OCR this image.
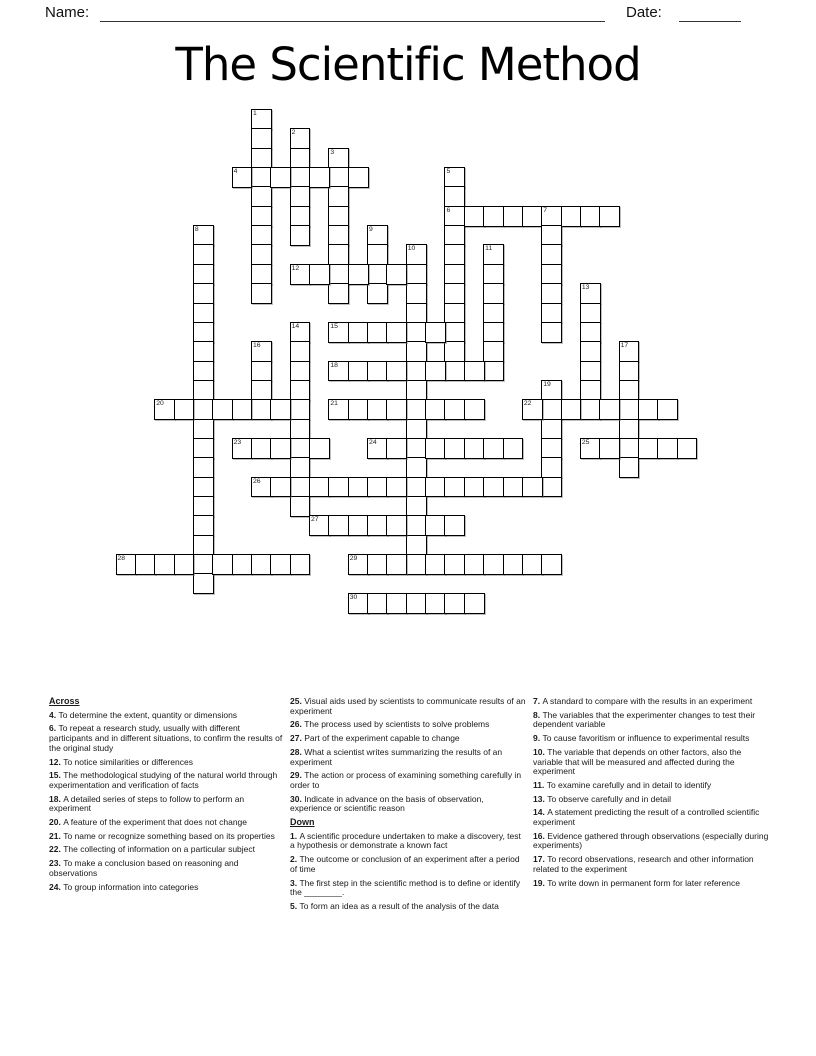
Name:	Date:
The Scientific Method
1
2
3
4	5
6	7
8	9
10	11
12
13
14	15
16	17
18
19
20	21	22
23	24	25
26
27
28	29
30
Across
4. To determine the extent, quantity or dimensions
6. To repeat a research study, usually with different participants and in different situations, to confirm the results of the original study
12. To notice similarities or differences
15. The methodological studying of the natural world through experimentation and verification of facts
18. A detailed series of steps to follow to perform an experiment
20. A feature of the experiment that does not change
21. To name or recognize something based on its properties
22. The collecting of information on a particular subject
23. To make a conclusion based on reasoning and observations
24. To group information into categories
25. Visual aids used by scientists to communicate results of an experiment
26. The process used by scientists to solve problems
27. Part of the experiment capable to change
28. What a scientist writes summarizing the results of an experiment
29. The action or process of examining something carefully in order to
30. Indicate in advance on the basis of observation, experience or scientific reason
Down
1. A scientific procedure undertaken to make a discovery, test a hypothesis or demonstrate a known fact
2. The outcome or conclusion of an experiment after a period of time
3. The first step in the scientific method is to define or identify the ________.
5. To form an idea as a result of the analysis of the data
7. A standard to compare with the results in an experiment
8. The variables that the experimenter changes to test their dependent variable
9. To cause favoritism or influence to experimental results
10. The variable that depends on other factors, also the variable that will be measured and affected during the experiment
11. To examine carefully and in detail to identify
13. To observe carefully and in detail
14. A statement predicting the result of a controlled scientific experiment
16. Evidence gathered through observations (especially during experiments)
17. To record observations, research and other information related to the experiment
19. To write down in permanent form for later reference
